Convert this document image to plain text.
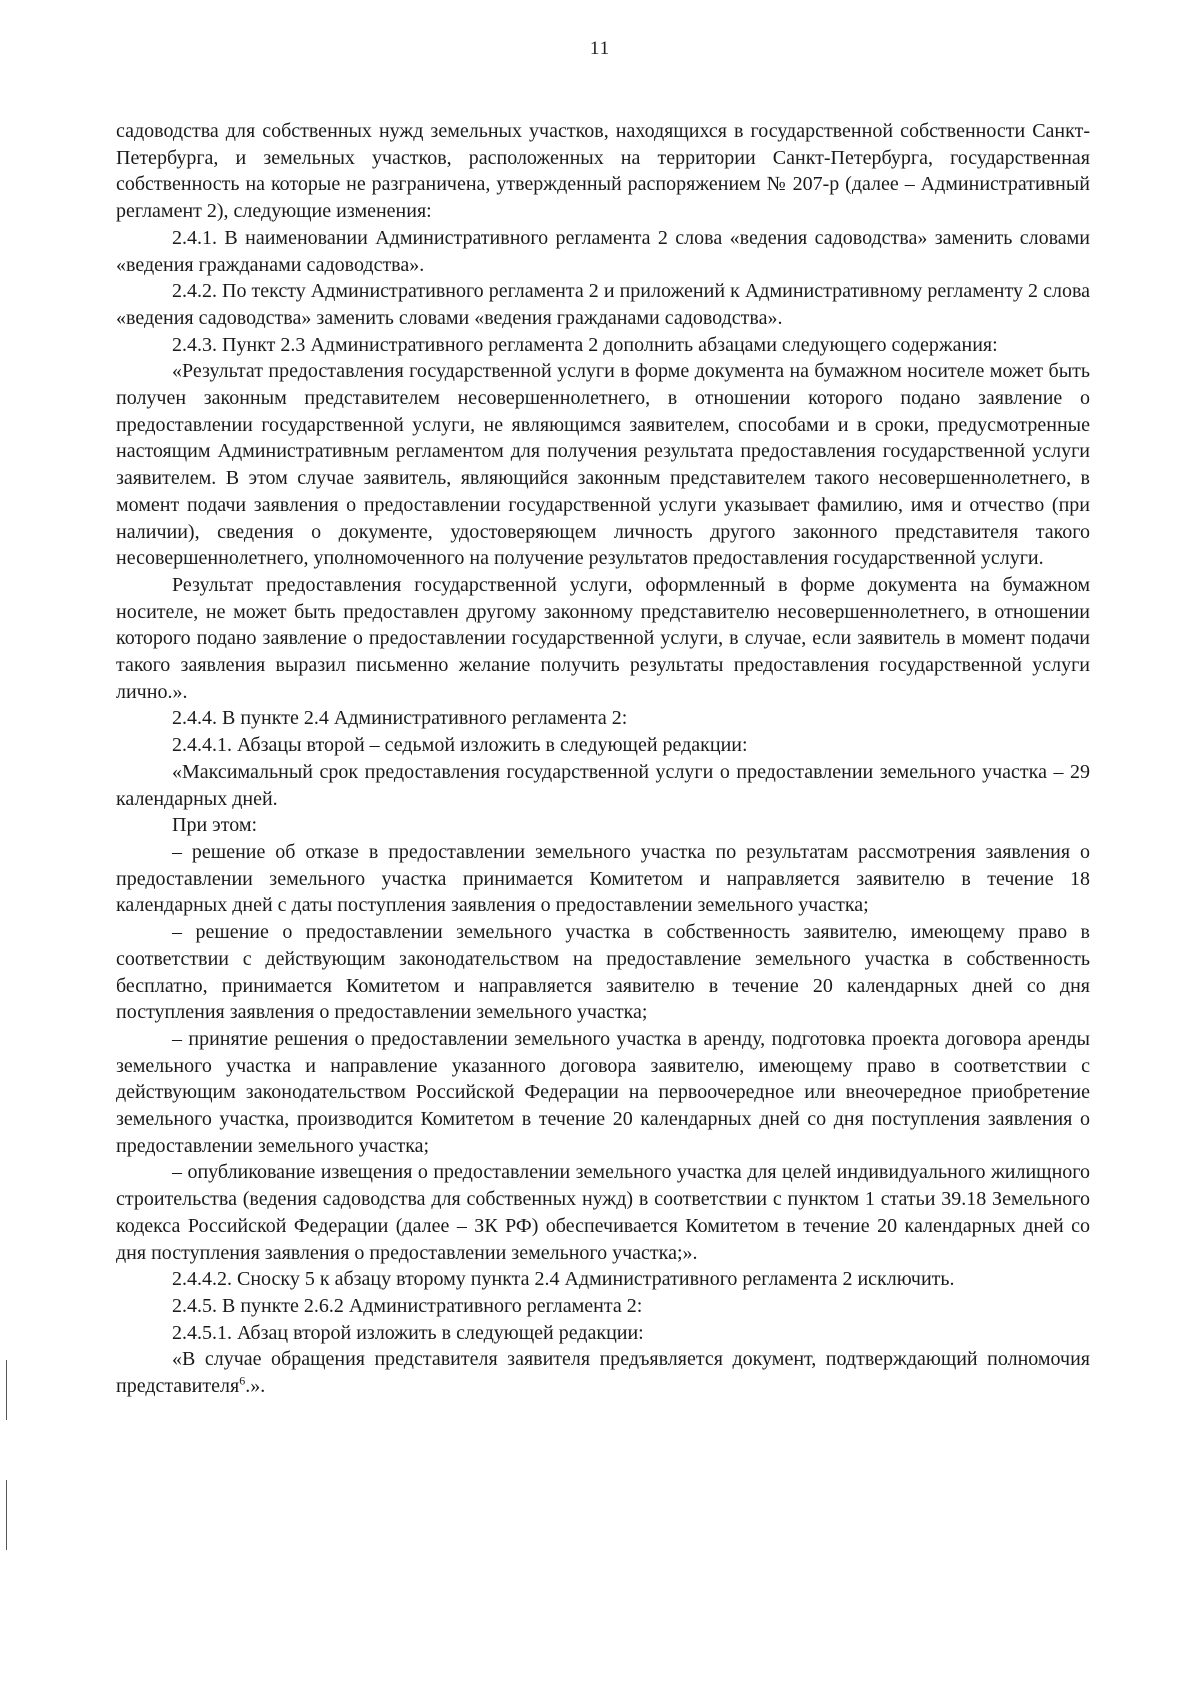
11

садоводства для собственных нужд земельных участков, находящихся в государственной собственности Санкт-Петербурга, и земельных участков, расположенных на территории Санкт-Петербурга, государственная собственность на которые не разграничена, утвержденный распоряжением № 207-р (далее – Административный регламент 2), следующие изменения:

2.4.1. В наименовании Административного регламента 2 слова «ведения садоводства» заменить словами «ведения гражданами садоводства».

2.4.2. По тексту Административного регламента 2 и приложений к Административному регламенту 2 слова «ведения садоводства» заменить словами «ведения гражданами садоводства».

2.4.3. Пункт 2.3 Административного регламента 2 дополнить абзацами следующего содержания:

«Результат предоставления государственной услуги в форме документа на бумажном носителе может быть получен законным представителем несовершеннолетнего, в отношении которого подано заявление о предоставлении государственной услуги, не являющимся заявителем, способами и в сроки, предусмотренные настоящим Административным регламентом для получения результата предоставления государственной услуги заявителем. В этом случае заявитель, являющийся законным представителем такого несовершеннолетнего, в момент подачи заявления о предоставлении государственной услуги указывает фамилию, имя и отчество (при наличии), сведения о документе, удостоверяющем личность другого законного представителя такого несовершеннолетнего, уполномоченного на получение результатов предоставления государственной услуги.

Результат предоставления государственной услуги, оформленный в форме документа на бумажном носителе, не может быть предоставлен другому законному представителю несовершеннолетнего, в отношении которого подано заявление о предоставлении государственной услуги, в случае, если заявитель в момент подачи такого заявления выразил письменно желание получить результаты предоставления государственной услуги лично.».

2.4.4. В пункте 2.4 Административного регламента 2:

2.4.4.1. Абзацы второй – седьмой изложить в следующей редакции:

«Максимальный срок предоставления государственной услуги о предоставлении земельного участка – 29 календарных дней.

При этом:

– решение об отказе в предоставлении земельного участка по результатам рассмотрения заявления о предоставлении земельного участка принимается Комитетом и направляется заявителю в течение 18 календарных дней с даты поступления заявления о предоставлении земельного участка;

– решение о предоставлении земельного участка в собственность заявителю, имеющему право в соответствии с действующим законодательством на предоставление земельного участка в собственность бесплатно, принимается Комитетом и направляется заявителю в течение 20 календарных дней со дня поступления заявления о предоставлении земельного участка;

– принятие решения о предоставлении земельного участка в аренду, подготовка проекта договора аренды земельного участка и направление указанного договора заявителю, имеющему право в соответствии с действующим законодательством Российской Федерации на первоочередное или внеочередное приобретение земельного участка, производится Комитетом в течение 20 календарных дней со дня поступления заявления о предоставлении земельного участка;

– опубликование извещения о предоставлении земельного участка для целей индивидуального жилищного строительства (ведения садоводства для собственных нужд) в соответствии с пунктом 1 статьи 39.18 Земельного кодекса Российской Федерации (далее – ЗК РФ) обеспечивается Комитетом в течение 20 календарных дней со дня поступления заявления о предоставлении земельного участка;».

2.4.4.2. Сноску 5 к абзацу второму пункта 2.4 Административного регламента 2 исключить.

2.4.5. В пункте 2.6.2 Административного регламента 2:

2.4.5.1. Абзац второй изложить в следующей редакции:

«В случае обращения представителя заявителя предъявляется документ, подтверждающий полномочия представителя$^6$.».
